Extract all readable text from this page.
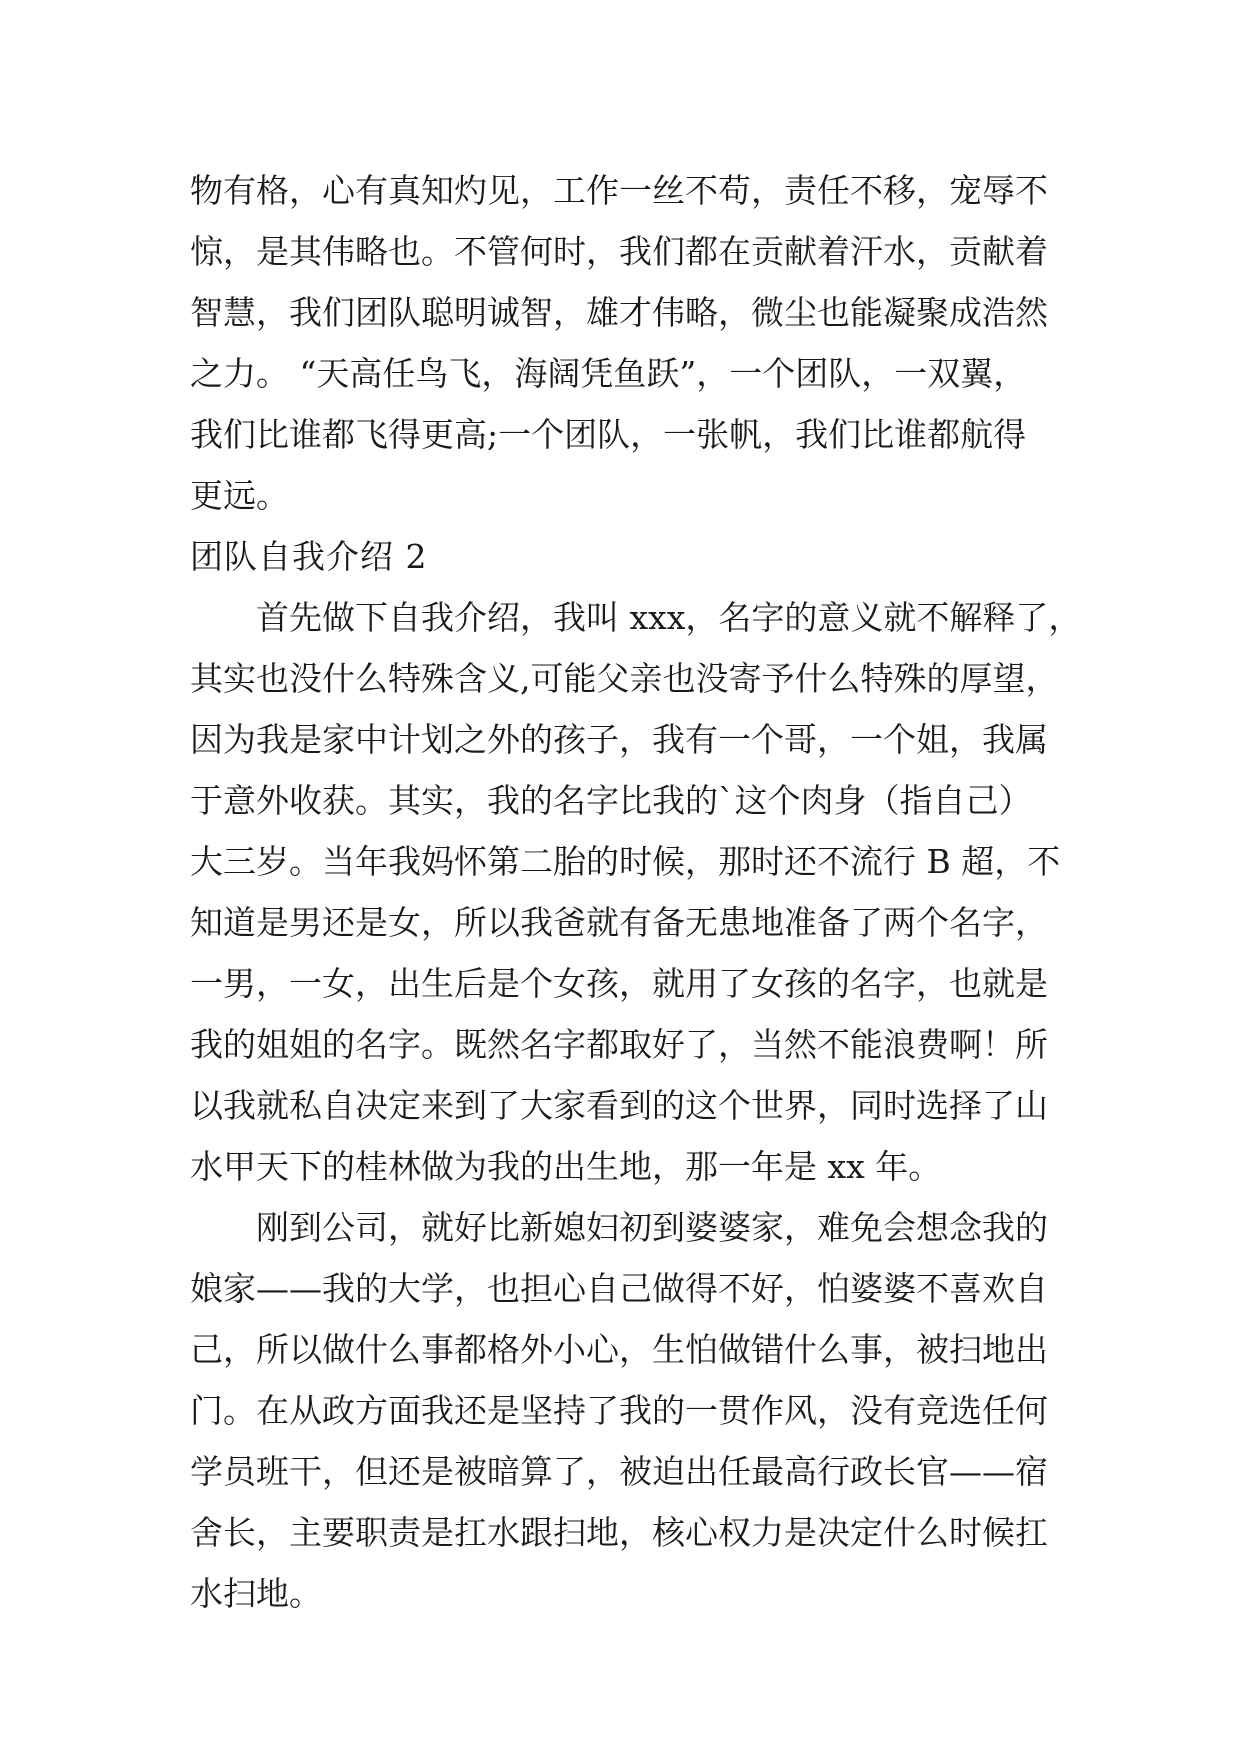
物有格，心有真知灼见，工作一丝不苟，责任不移，宠辱不
惊，是其伟略也。不管何时，我们都在贡献着汗水，贡献着
智慧，我们团队聪明诚智，雄才伟略，微尘也能凝聚成浩然
之力。 “天高任鸟飞，海阔凭鱼跃”，一个团队，一双翼，
我们比谁都飞得更高;一个团队，一张帆，我们比谁都航得
更远。
团队自我介绍 2
首先做下自我介绍，我叫 xxx，名字的意义就不解释了，
其实也没什么特殊含义,可能父亲也没寄予什么特殊的厚望，
因为我是家中计划之外的孩子，我有一个哥，一个姐，我属
于意外收获。其实，我的名字比我的`这个肉身（指自己）
大三岁。当年我妈怀第二胎的时候，那时还不流行 B 超，不
知道是男还是女，所以我爸就有备无患地准备了两个名字，
一男，一女，出生后是个女孩，就用了女孩的名字，也就是
我的姐姐的名字。既然名字都取好了，当然不能浪费啊！所
以我就私自决定来到了大家看到的这个世界，同时选择了山
水甲天下的桂林做为我的出生地，那一年是 xx 年。
刚到公司，就好比新媳妇初到婆婆家，难免会想念我的
娘家——我的大学，也担心自己做得不好，怕婆婆不喜欢自
己，所以做什么事都格外小心，生怕做错什么事，被扫地出
门。在从政方面我还是坚持了我的一贯作风，没有竞选任何
学员班干，但还是被暗算了，被迫出任最高行政长官——宿
舍长，主要职责是扛水跟扫地，核心权力是决定什么时候扛
水扫地。
